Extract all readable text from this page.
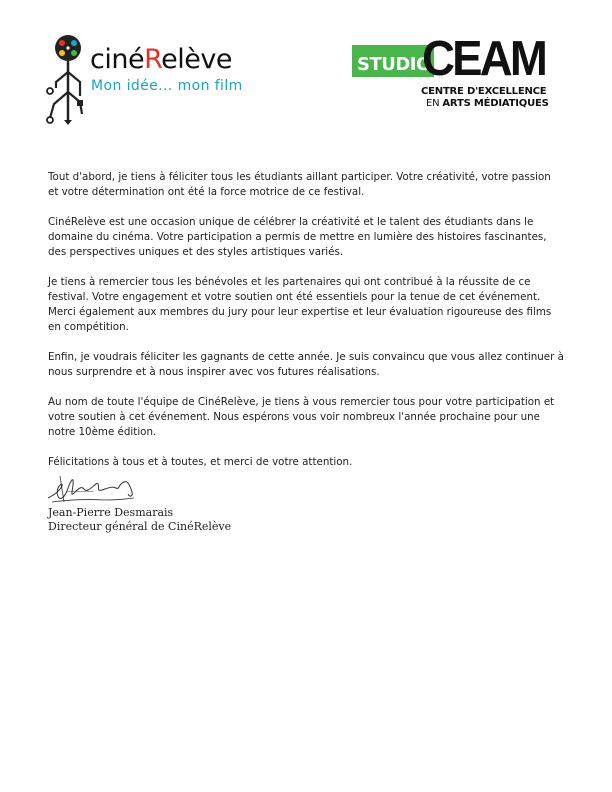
cinéRelève
Mon idée... mon film
STUDIO
CEAM
CENTRE D'EXCELLENCE
EN ARTS MÉDIATIQUES

Tout d'abord, je tiens à féliciter tous les étudiants aillant participer. Votre créativité, votre passion et votre détermination ont été la force motrice de ce festival.

CinéRelève est une occasion unique de célébrer la créativité et le talent des étudiants dans le domaine du cinéma. Votre participation a permis de mettre en lumière des histoires fascinantes, des perspectives uniques et des styles artistiques variés.

Je tiens à remercier tous les bénévoles et les partenaires qui ont contribué à la réussite de ce festival. Votre engagement et votre soutien ont été essentiels pour la tenue de cet événement. Merci également aux membres du jury pour leur expertise et leur évaluation rigoureuse des films en compétition.

Enfin, je voudrais féliciter les gagnants de cette année. Je suis convaincu que vous allez continuer à nous surprendre et à nous inspirer avec vos futures réalisations.

Au nom de toute l'équipe de CinéRelève, je tiens à vous remercier tous pour votre participation et votre soutien à cet événement. Nous espérons vous voir nombreux l'année prochaine pour une notre 10ème édition.

Félicitations à tous et à toutes, et merci de votre attention.

Jean-Pierre Desmarais
Directeur général de CinéRelève
